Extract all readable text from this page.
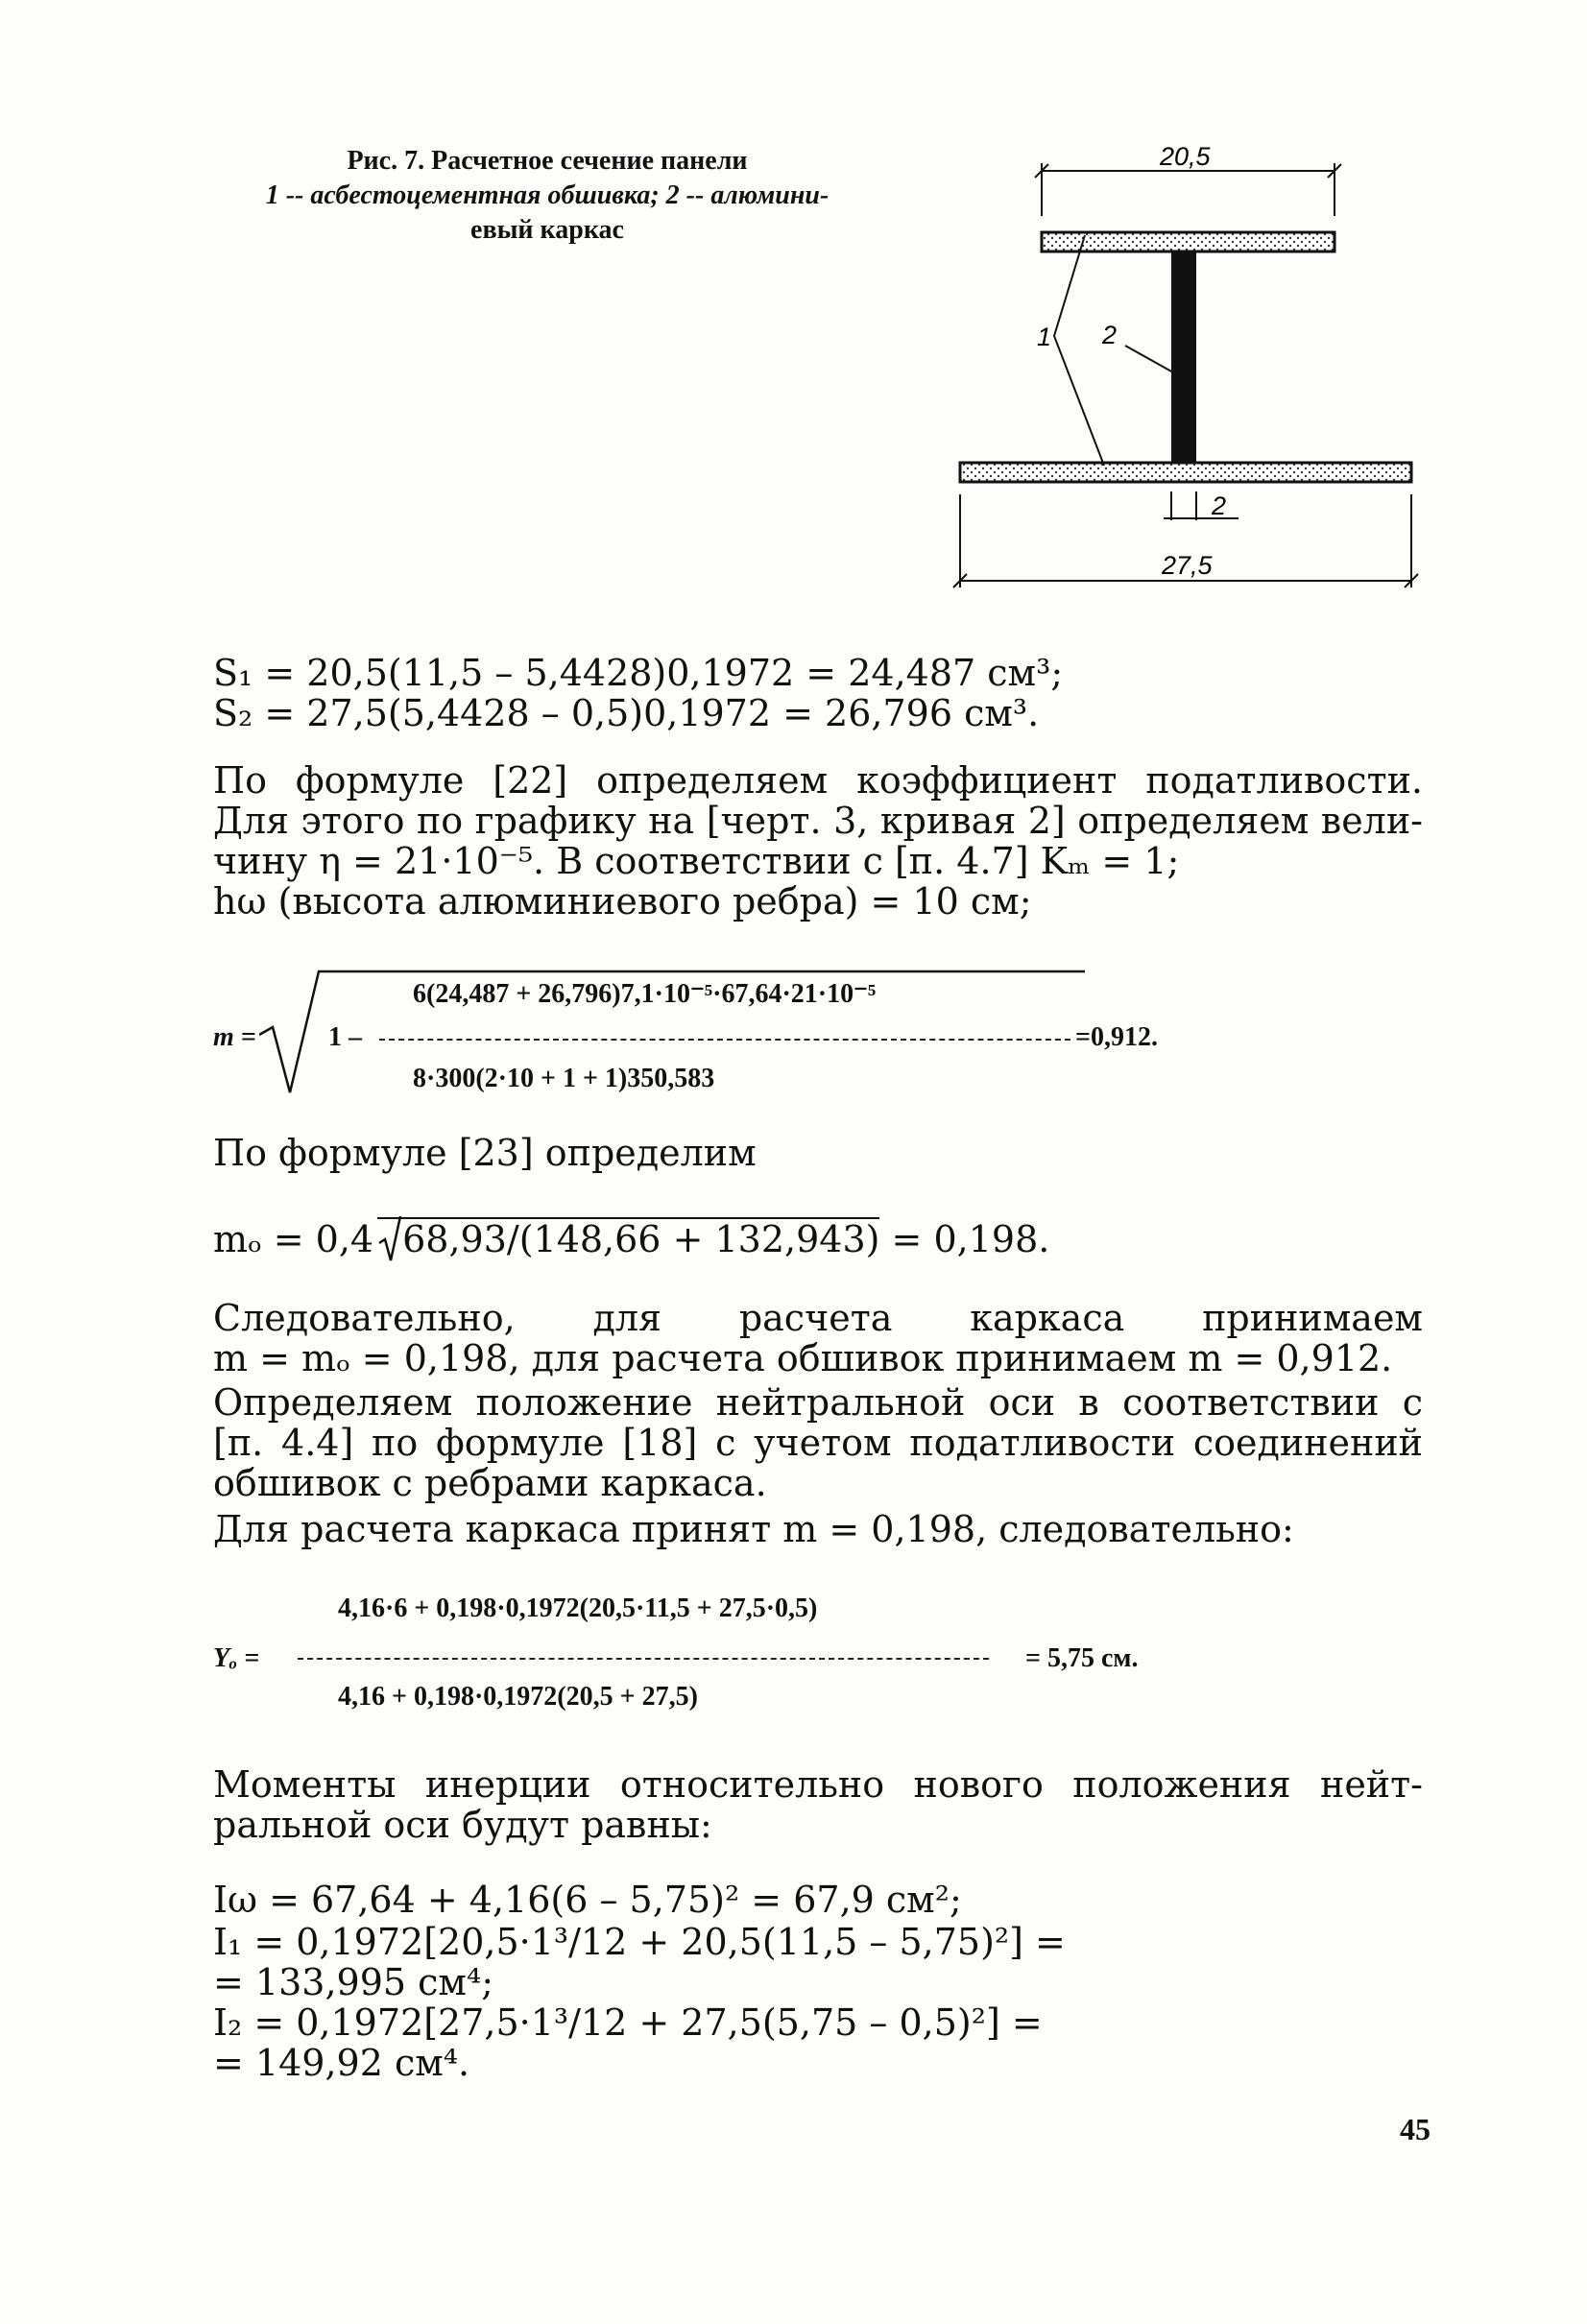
Рис. 7. Расчетное сечение панели
1 -- асбестоцементная обшивка; 2 -- алюмини-
евый каркас
20,5
1 2
2
27,5
S₁ = 20,5(11,5 – 5,4428)0,1972 = 24,487 см³;
S₂ = 27,5(5,4428 – 0,5)0,1972 = 26,796 см³.
По формуле [22] определяем коэффициент податливости.
Для этого по графику на [черт. 3, кривая 2] определяем вели-
чину η = 21·10⁻⁵. В соответствии с [п. 4.7] Kₘ = 1;
hω (высота алюминиевого ребра) = 10 см;
m =	1 –
6(24,487 + 26,796)7,1·10⁻⁵·67,64·21·10⁻⁵
8·300(2·10 + 1 + 1)350,583
=0,912.
По формуле [23] определим
mₒ = 0,4 68,93/(148,66 + 132,943) = 0,198.
Следовательно, для расчета каркаса принимаем
m = mₒ = 0,198, для расчета обшивок принимаем m = 0,912.
Определяем положение нейтральной оси в соответствии с
[п. 4.4] по формуле [18] с учетом податливости соединений
обшивок с ребрами каркаса.
Для расчета каркаса принят m = 0,198, следовательно:
Yₒ =
4,16·6 + 0,198·0,1972(20,5·11,5 + 27,5·0,5)
4,16 + 0,198·0,1972(20,5 + 27,5)
= 5,75 см.
Моменты инерции относительно нового положения нейт-
ральной оси будут равны:
Iω = 67,64 + 4,16(6 – 5,75)² = 67,9 см²;
I₁ = 0,1972[20,5·1³/12 + 20,5(11,5 – 5,75)²] =
= 133,995 см⁴;
I₂ = 0,1972[27,5·1³/12 + 27,5(5,75 – 0,5)²] =
= 149,92 см⁴.
45
